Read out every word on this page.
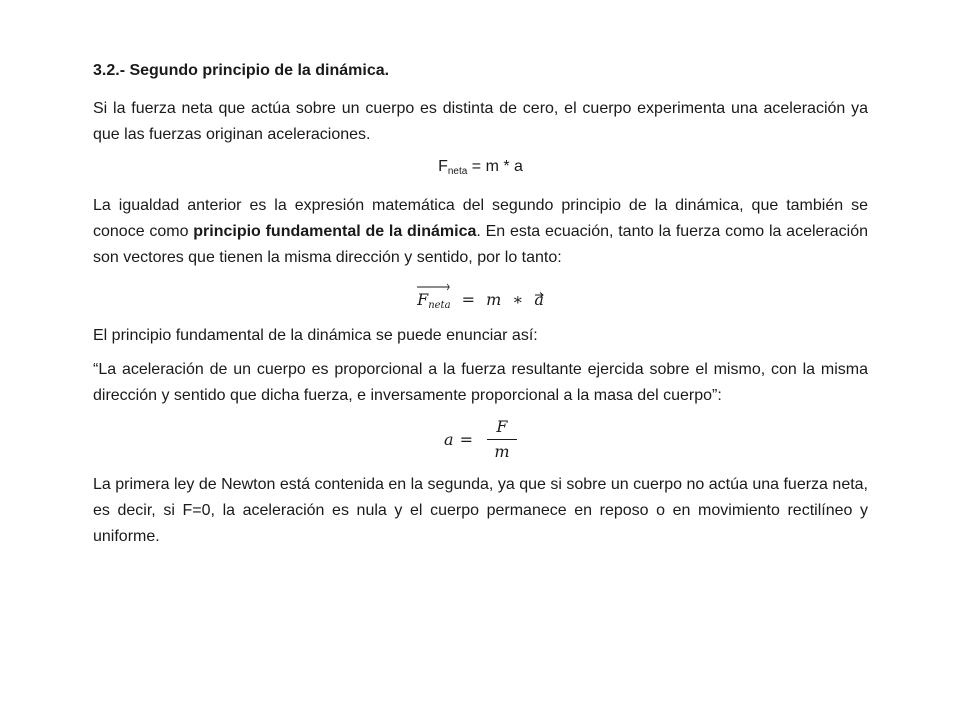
3.2.- Segundo principio de la dinámica.

Si la fuerza neta que actúa sobre un cuerpo es distinta de cero, el cuerpo experimenta una aceleración ya que las fuerzas originan aceleraciones.

$F_{neta} = m * a$

La igualdad anterior es la expresión matemática del segundo principio de la dinámica, que también se conoce como principio fundamental de la dinámica. En esta ecuación, tanto la fuerza como la aceleración son vectores que tienen la misma dirección y sentido, por lo tanto:

$F_{neta} = m$ ∗ a

El principio fundamental de la dinámica se puede enunciar así:

“La aceleración de un cuerpo es proporcional a la fuerza resultante ejercida sobre el mismo, con la misma dirección y sentido que dicha fuerza, e inversamente proporcional a la masa del cuerpo”:

$a = \frac{F}{m}$

La primera ley de Newton está contenida en la segunda, ya que si sobre un cuerpo no actúa una fuerza neta, es decir, si F=0, la aceleración es nula y el cuerpo permanece en reposo o en movimiento rectilíneo y uniforme.
